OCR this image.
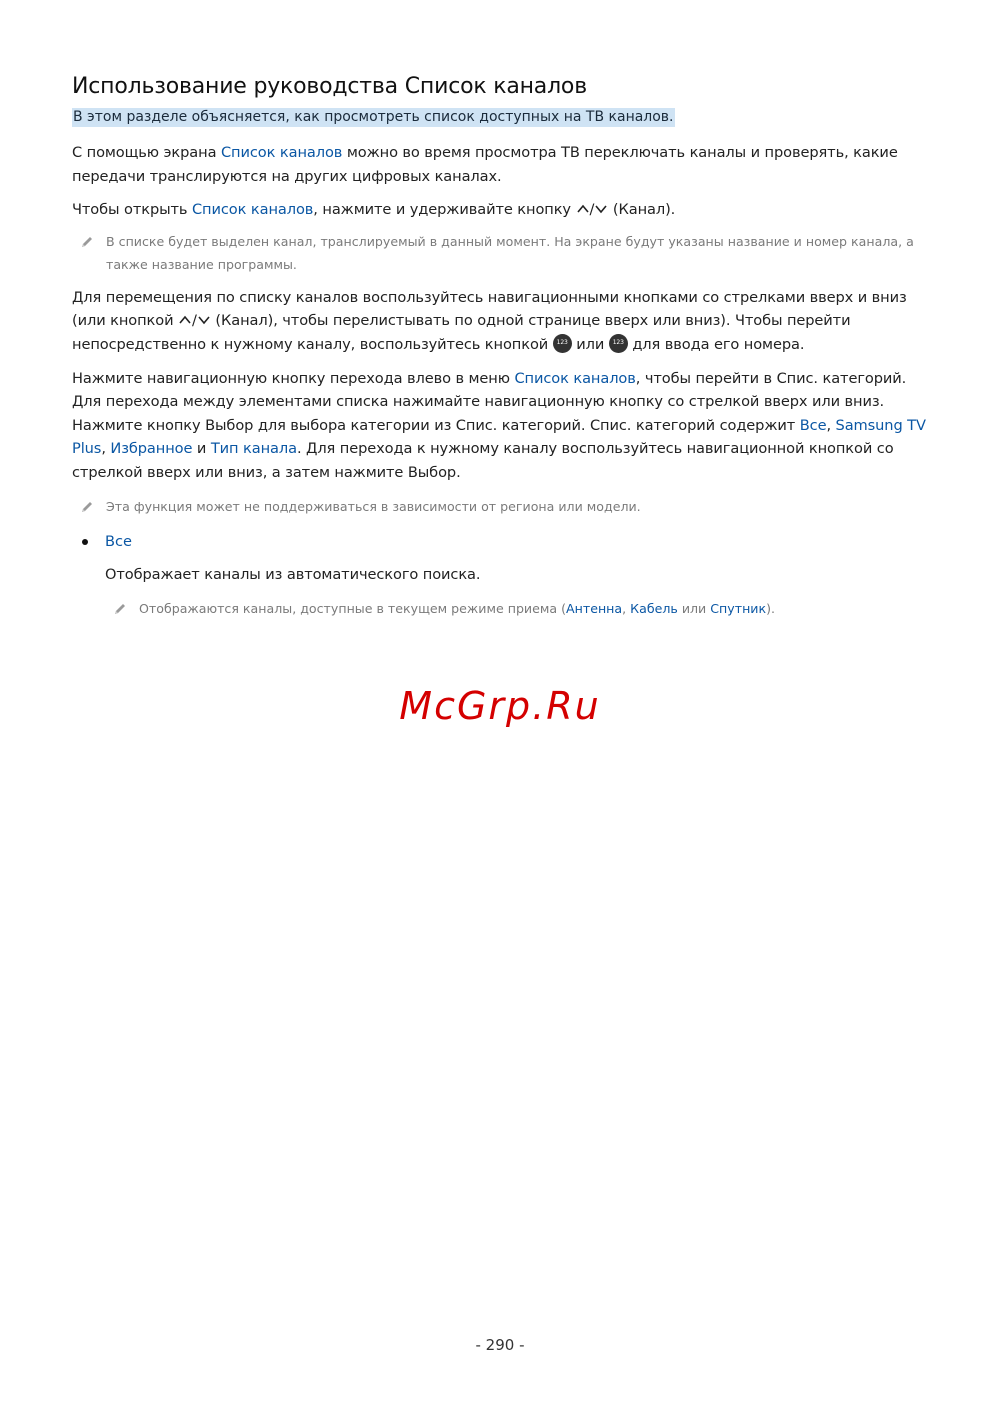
Использование руководства Список каналов
В этом разделе объясняется, как просмотреть список доступных на ТВ каналов.

С помощью экрана Список каналов можно во время просмотра ТВ переключать каналы и проверять, какие передачи транслируются на других цифровых каналах.

Чтобы открыть Список каналов, нажмите и удерживайте кнопку / (Канал).

В списке будет выделен канал, транслируемый в данный момент. На экране будут указаны название и номер канала, а также название программы.

Для перемещения по списку каналов воспользуйтесь навигационными кнопками со стрелками вверх и вниз (или кнопкой / (Канал), чтобы перелистывать по одной странице вверх или вниз). Чтобы перейти непосредственно к нужному каналу, воспользуйтесь кнопкой 123 или 123 для ввода его номера.

Нажмите навигационную кнопку перехода влево в меню Список каналов, чтобы перейти в Спис. категорий. Для перехода между элементами списка нажимайте навигационную кнопку со стрелкой вверх или вниз. Нажмите кнопку Выбор для выбора категории из Спис. категорий. Спис. категорий содержит Все, Samsung TV Plus, Избранное и Тип канала. Для перехода к нужному каналу воспользуйтесь навигационной кнопкой со стрелкой вверх или вниз, а затем нажмите Выбор.

Эта функция может не поддерживаться в зависимости от региона или модели.
Все

Отображает каналы из автоматического поиска.

Отображаются каналы, доступные в текущем режиме приема (Антенна, Кабель или Спутник).
McGrp.Ru
- 290 -
